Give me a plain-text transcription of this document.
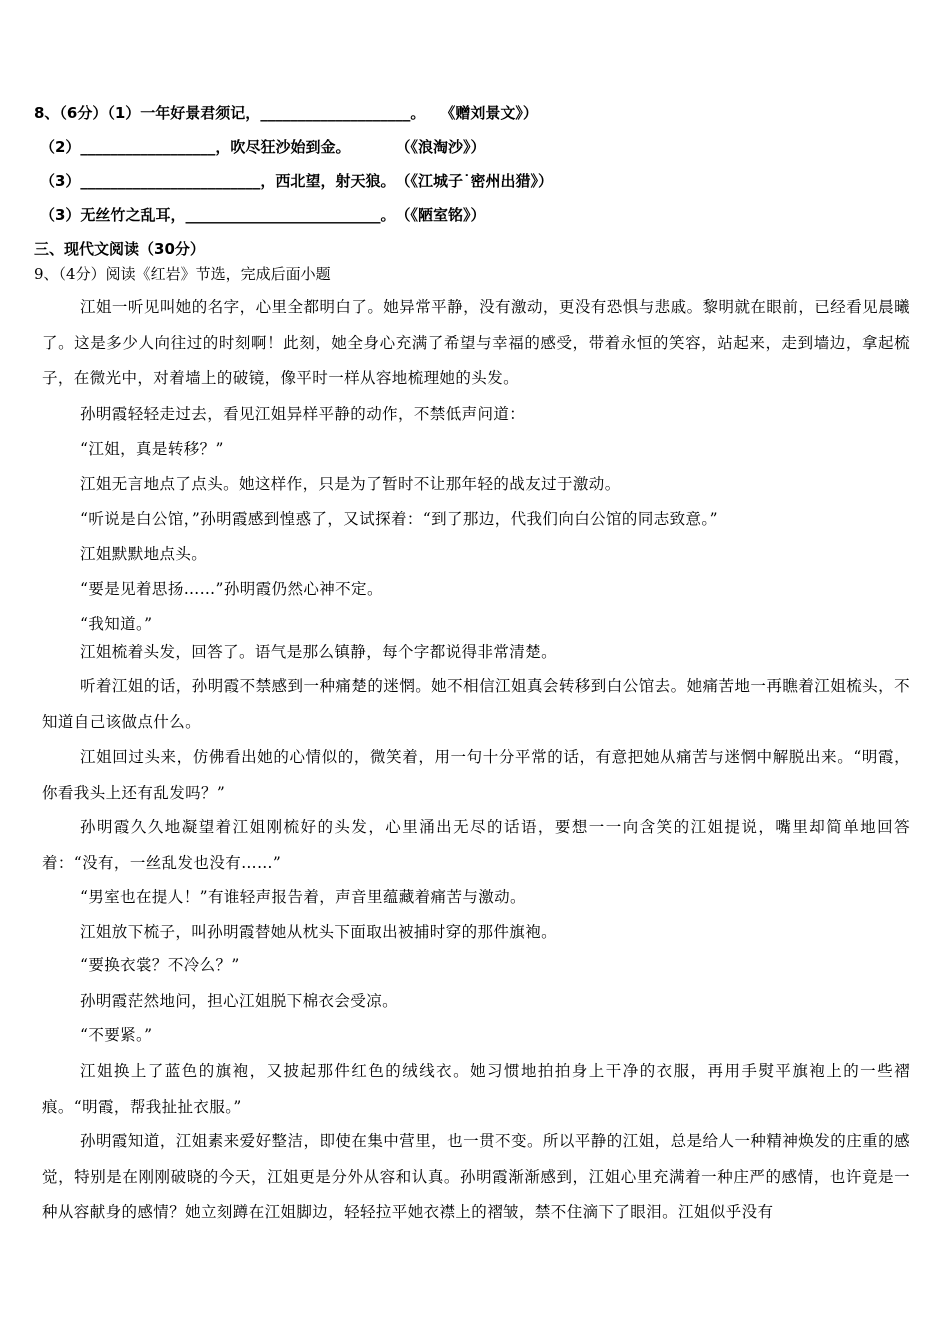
8、（6分）（1）一年好景君须记，____________________。　　《赠刘景文》）
（2）__________________，吹尽狂沙始到金。　　　　（《浪淘沙》）
（3）________________________，西北望，射天狼。　（《江城子˙密州出猎》）
（3）无丝竹之乱耳，__________________________。　（《陋室铭》）
三、现代文阅读（30分）
9、（4分）阅读《红岩》节选，完成后面小题
江姐一听见叫她的名字，心里全都明白了。她异常平静，没有激动，更没有恐惧与悲戚。黎明就在眼前，已经看见晨曦了。这是多少人向往过的时刻啊！此刻，她全身心充满了希望与幸福的感受，带着永恒的笑容，站起来，走到墙边，拿起梳子，在微光中，对着墙上的破镜，像平时一样从容地梳理她的头发。
孙明霞轻轻走过去，看见江姐异样平静的动作，不禁低声问道：
“江姐，真是转移？”
江姐无言地点了点头。她这样作，只是为了暂时不让那年轻的战友过于激动。
“听说是白公馆，”孙明霞感到惶惑了，又试探着：“到了那边，代我们向白公馆的同志致意。”
江姐默默地点头。
“要是见着思扬……”孙明霞仍然心神不定。
“我知道。”
江姐梳着头发，回答了。语气是那么镇静，每个字都说得非常清楚。
听着江姐的话，孙明霞不禁感到一种痛楚的迷惘。她不相信江姐真会转移到白公馆去。她痛苦地一再瞧着江姐梳头，不知道自己该做点什么。
江姐回过头来，仿佛看出她的心情似的，微笑着，用一句十分平常的话，有意把她从痛苦与迷惘中解脱出来。“明霞，你看我头上还有乱发吗？”
孙明霞久久地凝望着江姐刚梳好的头发，心里涌出无尽的话语，要想一一向含笑的江姐提说，嘴里却简单地回答着：“没有，一丝乱发也没有……”
“男室也在提人！”有谁轻声报告着，声音里蕴藏着痛苦与激动。
江姐放下梳子，叫孙明霞替她从枕头下面取出被捕时穿的那件旗袍。
“要换衣裳？不冷么？”
孙明霞茫然地问，担心江姐脱下棉衣会受凉。
“不要紧。”
江姐换上了蓝色的旗袍，又披起那件红色的绒线衣。她习惯地拍拍身上干净的衣服，再用手熨平旗袍上的一些褶痕。“明霞，帮我扯扯衣服。”
孙明霞知道，江姐素来爱好整洁，即使在集中营里，也一贯不变。所以平静的江姐，总是给人一种精神焕发的庄重的感觉，特别是在刚刚破晓的今天，江姐更是分外从容和认真。孙明霞渐渐感到，江姐心里充满着一种庄严的感情，也许竟是一种从容献身的感情？她立刻蹲在江姐脚边，轻轻拉平她衣襟上的褶皱，禁不住滴下了眼泪。江姐似乎没有
